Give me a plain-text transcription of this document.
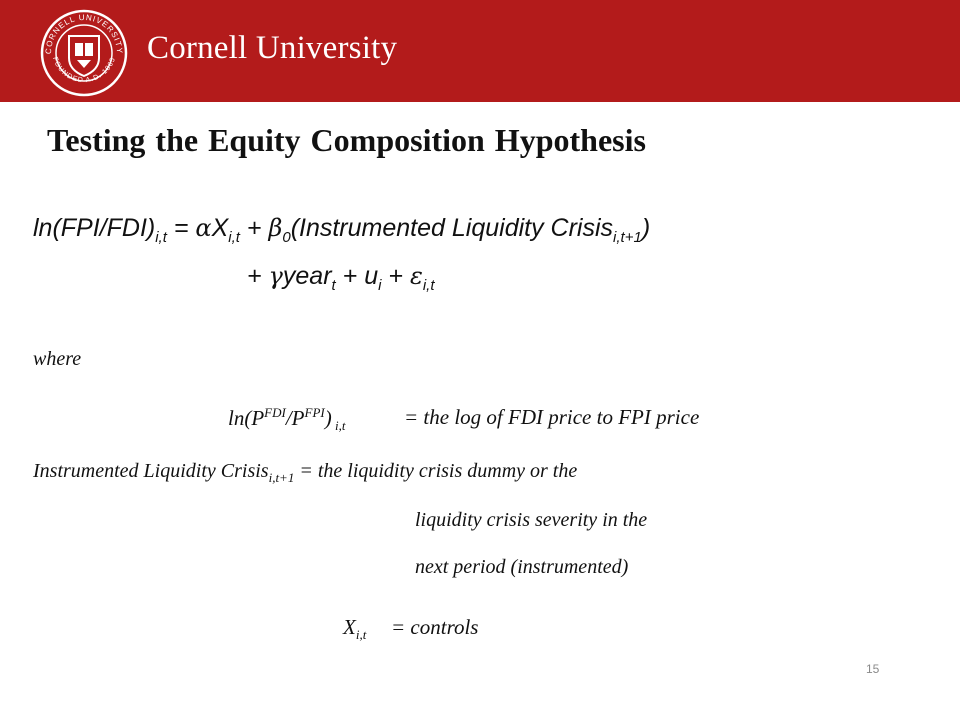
CORNELL UNIVERSITY
FOUNDED A.D. 1865 Cornell University
Testing the Equity Composition Hypothesis
$\ln(FPI/FDI)_{i,t} = \alpha X_{i,t}$ + $\beta_0(Instrumented$ Liquidity Crisis$_{i,t+1}$)
+ γyear$_t$ + $u_i + \varepsilon_{i,t}$
where
$\ln(P^{FDI}/P^{FPI})$ $_{i,t}$	= the log of FDI price to FPI price
Instrumented Liquidity Crisis$_{i,t+1}$ = the liquidity crisis dummy or the
liquidity crisis severity in the
next period (instrumented)
$X_{i,t}$ = controls
15
